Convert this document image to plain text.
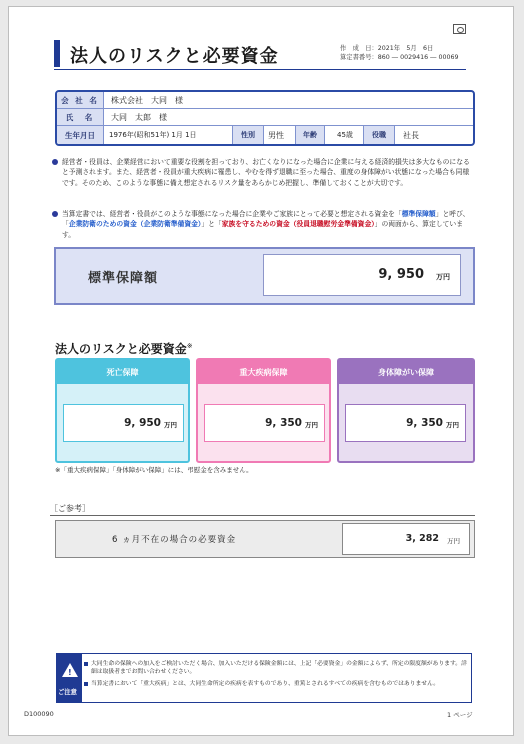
法人のリスクと必要資金	作　成　日：2021年　5月　6日
算定書番号：860 ― 0029416 ― 00069
会 社 名	株式会社　大同　様
氏　名	大同　太郎　様
生年月日	1976年(昭和51年) 1月 1日	性別	男性	年齢	45歳	役職	社長
経営者・役員は、企業経営において重要な役割を担っており、お亡くなりになった場合に企業に与える経済的損失は多大なものになると予測されます。また、経営者・役員が重大疾病に罹患し、やむを得ず退職に至った場合、重度の身体障がい状態になった場合も同様です。そのため、このような事態に備え想定されるリスク量をあらかじめ把握し、準備しておくことが大切です。
当算定書では、経営者・役員がこのような事態になった場合に企業やご家族にとって必要と想定される資金を「標準保障額」と呼び、「企業防衛のための資金（企業防衛準備資金）」と「家族を守るための資金（役員退職慰労金準備資金）」の両面から、算定しています。
標準保障額	9, 950 万円
法人のリスクと必要資金※
死亡保障
9, 950 万円
重大疾病保障
9, 350 万円
身体障がい保障
9, 350 万円
※「重大疾病保障」「身体障がい保障」には、弔慰金を含みません。
［ご参考］
6 ヵ月不在の場合の必要資金	3, 282 万円
!
ご注意
大同生命の保険への加入をご検討いただく場合、加入いただける保険金額には、上記「必要資金」の金額によらず、所定の限度額があります。詳細は取扱者までお問い合わせください。
当算定書において「重大疾病」とは、大同生命所定の疾病を表すものであり、重篤とされるすべての疾病を含むものではありません。
D100090	1 ページ
